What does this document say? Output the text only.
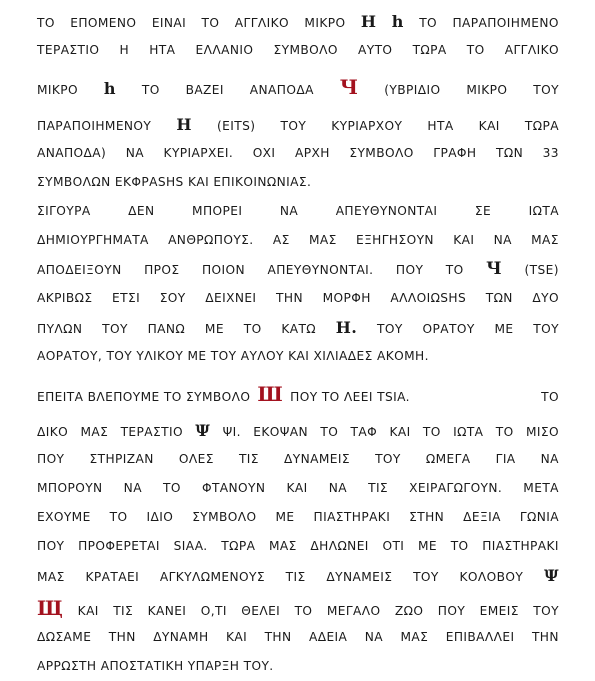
ΤΟ ΕΠΟΜΕΝΟ ΕΙΝΑΙ ΤΟ ΑΓΓΛΙΚΟ ΜΙΚΡΟ H h ΤΟ ΠΑΡΑΠΟΙΗΜΕΝΟ
ΤΕΡΑΣΤΙΟ Η ΗΤΑ ΕΛΛΑΝΙΟ ΣΥΜΒΟΛΟ ΑΥΤΟ ΤΩΡΑ ΤΟ ΑΓΓΛΙΚΟ
ΜΙΚΡΟ h ΤΟ ΒΑΖΕΙ ΑΝΑΠΟΔΑ Ч (ΥΒΡΙΔΙΟ ΜΙΚΡΟ ΤΟΥ
ΠΑΡΑΠΟΙΗΜΕΝΟΥ H (ΕΙΤS) ΤΟΥ ΚΥΡΙΑΡΧΟΥ ΗΤΑ ΚΑΙ ΤΩΡΑ
ΑΝΑΠΟΔΑ) ΝΑ ΚΥΡΙΑΡΧΕΙ. ΟΧΙ ΑΡΧΗ ΣΥΜΒΟΛΟ ΓΡΑΦΗ ΤΩΝ 33
ΣΥΜΒΟΛΩΝ ΕΚΦΡΑSHS ΚΑΙ ΕΠΙΚΟΙΝΩΝΙΑΣ.
ΣΙΓΟΥΡΑ	ΔΕΝ	ΜΠΟΡΕΙ	ΝΑ	ΑΠΕΥΘΥΝΟΝΤΑΙ	ΣΕ	ΙΩΤΑ
ΔΗΜΙΟΥΡΓΗΜΑΤΑ ΑΝΘΡΩΠΟΥΣ. ΑΣ ΜΑΣ ΕΞΗΓΗΣΟΥΝ ΚΑΙ ΝΑ ΜΑΣ
ΑΠΟΔΕΙΞΟΥΝ ΠΡΟΣ ΠΟΙΟΝ ΑΠΕΥΘΥΝΟΝΤΑΙ. ΠΟΥ ΤΟ Ч (TSE)
ΑΚΡΙΒΩΣ ΕΤΣΙ ΣΟΥ ΔΕΙΧΝΕΙ ΤΗΝ ΜΟΡΦΗ ΑΛΛΟΙΩSHS ΤΩΝ ΔΥΟ
ΠΥΛΩΝ ΤΟΥ ΠΑΝΩ ΜΕ ΤΟ ΚΑΤΩ H. ΤΟΥ ΟΡΑΤΟΥ ΜΕ ΤΟΥ
ΑΟΡΑΤΟΥ, ΤΟΥ ΥΛΙΚΟΥ ΜΕ ΤΟΥ ΑΥΛΟΥ ΚΑΙ ΧΙΛΙΑΔΕΣ ΑΚΟΜΗ.
ΕΠΕΙΤΑ ΒΛΕΠΟΥΜΕ ΤΟ ΣΥΜΒΟΛΟ Ш ΠΟΥ ΤΟ ΛΕΕΙ TSIA.	ΤΟ
ΔΙΚΟ ΜΑΣ ΤΕΡΑΣΤΙΟ Ψ ΨΙ. ΕΚΟΨΑΝ ΤΟ ΤΑΦ ΚΑΙ ΤΟ ΙΩΤΑ ΤΟ ΜΙΣΟ
ΠΟΥ ΣΤΗΡΙΖΑΝ ΟΛΕΣ ΤΙΣ ΔΥΝΑΜΕΙΣ ΤΟΥ ΩΜΕΓΑ ΓΙΑ ΝΑ
ΜΠΟΡΟΥΝ ΝΑ ΤΟ ΦΤΑΝΟΥΝ ΚΑΙ ΝΑ ΤΙΣ ΧΕΙΡΑΓΩΓΟΥΝ. ΜΕΤΑ
ΕΧΟΥΜΕ ΤΟ ΙΔΙΟ ΣΥΜΒΟΛΟ ΜΕ ΠΙΑΣΤΗΡΑΚΙ ΣΤΗΝ ΔΕΞΙΑ ΓΩΝΙΑ
ΠΟΥ ΠΡΟΦΕΡΕΤΑΙ SIAA. ΤΩΡΑ ΜΑΣ ΔΗΛΩΝΕΙ ΟΤΙ ΜΕ ΤΟ ΠΙΑΣΤΗΡΑΚΙ
ΜΑΣ ΚΡΑΤΑΕΙ ΑΓΚΥΛΩΜΕΝΟΥΣ ΤΙΣ ΔΥΝΑΜΕΙΣ ΤΟΥ ΚΟΛΟΒΟΥ Ψ
Щ ΚΑΙ ΤΙΣ ΚΑΝΕΙ Ο,ΤΙ ΘΕΛΕΙ ΤΟ ΜΕΓΑΛΟ ΖΩΟ ΠΟΥ ΕΜΕΙΣ ΤΟΥ
ΔΩΣΑΜΕ ΤΗΝ ΔΥΝΑΜΗ ΚΑΙ ΤΗΝ ΑΔΕΙΑ ΝΑ ΜΑΣ ΕΠΙΒΑΛΛΕΙ ΤΗΝ
ΑΡΡΩΣΤΗ ΑΠΟΣΤΑΤΙΚΗ ΥΠΑΡΞΗ ΤΟΥ.
